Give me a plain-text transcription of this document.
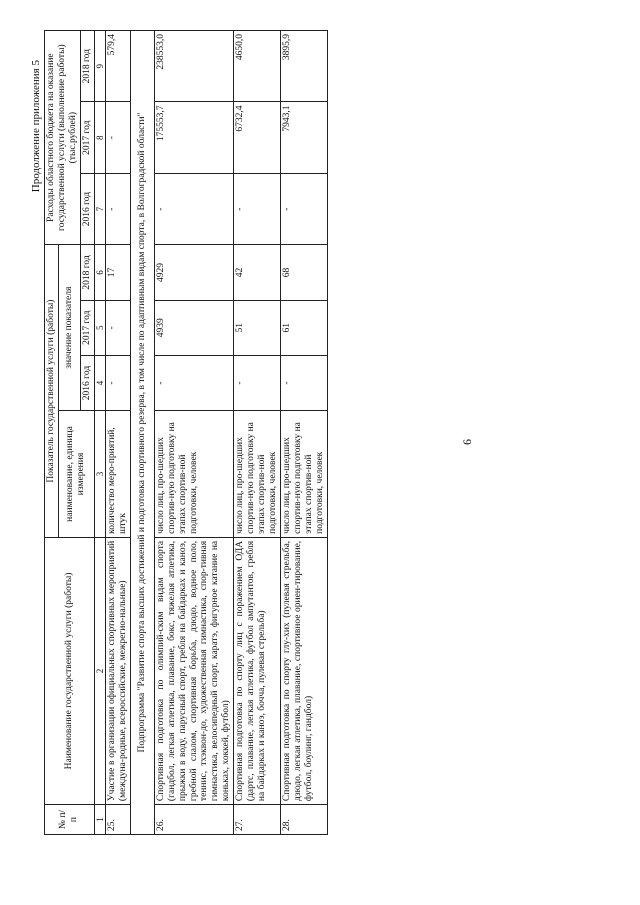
6
Продолжение приложения 5
№ п/п	Наименование государственной услуги (работы)	Показатель государственной услуги (работы)				Расходы областного бюджета на оказание государственной услуги (выполнение работы) (тыс.рублей)		
		наименование, единица измерения	значение показателя					
			2016 год	2017 год	2018 год	2016 год	2017 год	2018 год
1	2	3	4	5	6	7	8	9
25.	Участие в организации официальных спортивных мероприятий (междуна-родные, всероссийские, межрегио-нальные)	количество меро-приятий, штук	-	-	17	-	-	579,4
Подпрограмма "Развитие спорта высших достижений и подготовка спортивного резерва, в том числе по адаптивным видам спорта, в Волгоградской области"								
26.	Спортивная подготовка по олимпий-ским видам спорта (гандбол, легкая атлетика, плавание, бокс, тяжелая атлетика, прыжки в воду, парусный спорт, гребля на байдарках и каноэ, гребной слалом, спортивная борьба, дзюдо, водное поло, теннис, тхэквон-до, художественная гимнастика, спор-тивная гимнастика, велосипедный спорт, каратэ, фигурное катание на коньках, хоккей, футбол)	число лиц, про-шедших спортив-ную подготовку на этапах спортив-ной подготовки, человек	-	4939	4929	-	175553,7	238553,0
27.	Спортивная подготовка по спорту лиц с поражением ОДА (дартс, плавание, легкая атлетика, футбол ампутантов, гребля на байдарках и каноэ, бочча, пулевая стрельба)	число лиц, про-шедших спортив-ную подготовку на этапах спортив-ной подготовки, человек	-	51	42	-	6732,4	4650,0
28.	Спортивная подготовка по спорту глу-хих (пулевая стрельба, дзюдо, легкая атлетика, плавание, спортивное ориен-тирование, футбол, боулинг, гандбол)	число лиц, про-шедших спортив-ную подготовку на этапах спортив-ной подготовки, человек	-	61	68	-	7943,1	3895,9
